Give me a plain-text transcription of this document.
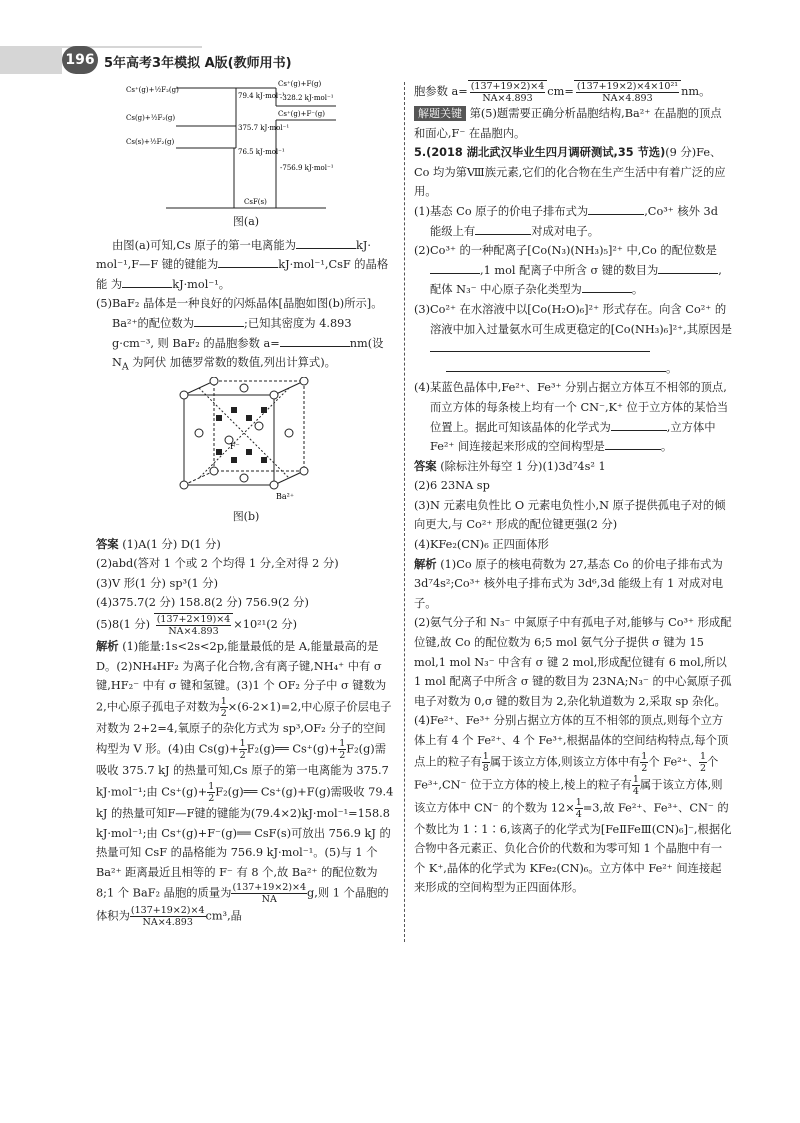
196 5年高考3年模拟 A版(教师用书)
Cs⁺(g)+½F₂(g)
Cs(g)+½F₂(g)
Cs(s)+½F₂(g)
Cs⁺(g)+F(g)
Cs⁺(g)+F⁻(g)
CsF(s)
79.4 kJ·mol⁻¹
375.7 kJ·mol⁻¹
76.5 kJ·mol⁻¹
-328.2 kJ·mol⁻¹
-756.9 kJ·mol⁻¹

图(a)

由图(a)可知,Cs 原子的第一电离能为	kJ· mol⁻¹,F—F 键的键能为	kJ·mol⁻¹,CsF 的晶格能 为	kJ·mol⁻¹。

(5)BaF₂ 晶体是一种良好的闪烁晶体[晶胞如图(b)所示]。 Ba²⁺的配位数为	;已知其密度为 4.893 g·cm⁻³, 则 BaF₂ 的晶胞参数 a=	nm(设 $N_A$ 为阿伏 加德罗常数的数值,列出计算式)。

F⁻
Ba²⁺

图(b)

答案 (1)A(1 分) D(1 分)

(2)abd(答对 1 个或 2 个均得 1 分,全对得 2 分)

(3)V 形(1 分) sp³(1 分)

(4)375.7(2 分) 158.8(2 分) 756.9(2 分)

(5)8(1 分) $\frac{(137+2\times 19)\times 4}{NA\times 4.893} \times 10^{21}(2$ 分)

解析 (1)能量:1s<2s<2p,能量最低的是 A,能量最高的是 D。(2)NH₄HF₂ 为离子化合物,含有离子键,NH₄⁺ 中有 σ 键,HF₂⁻ 中有 σ 键和氢键。(3)1 个 OF₂ 分子中 σ 键数为 2,中心原子孤电子对数为 $\frac{1}{2} \times(6-2\times 1)=2$,中心原子价层电子对数为 2+2=4,氧原子的杂化方式为 sp³,OF₂ 分子的空间构型为 V 形。(4)由 $Cs(g)+ \frac{1}{2}$ F₂(g)══ $Cs^+(g)+ \frac{1}{2} F_2(g)$需吸收 375.7 kJ 的热量可知,Cs 原子的第一电离能为 375.7 kJ·mol⁻¹;由 $Cs^+(g)+ \frac{1}{2}$ F₂(g)══ Cs⁺(g)+F(g)需吸收 79.4 kJ 的热量可知F—F键的键能为(79.4×2)kJ·mol⁻¹=158.8 kJ·mol⁻¹;由 Cs⁺(g)+F⁻(g)══ CsF(s)可放出 756.9 kJ 的热量可知 CsF 的晶格能为 756.9 kJ·mol⁻¹。(5)与 1 个 Ba²⁺ 距离最近且相等的 F⁻ 有 8 个,故 Ba²⁺ 的配位数为 8;1 个 BaF₂ 晶胞的质量为 $\frac{(137+19\times 2)\times 4}{NA} g$,则 1 个晶胞的体积为 $\frac{(137+19\times 2)\times 4}{NA\times 4.893} cm^3$,晶

胞参数 $a= \frac{(137+19\times 2)\times 4}{NA\times 4.893} cm= \frac{\text{(137+19×2)×4×10²¹}}{NA\times 4.893}$ nm。

解题关键 第(5)题需要正确分析晶胞结构,Ba²⁺ 在晶胞的顶点和面心,F⁻ 在晶胞内。

5.(2018 湖北武汉毕业生四月调研测试,35 节选)(9 分)Fe、Co 均为第Ⅷ族元素,它们的化合物在生产生活中有着广泛的应用。

(1)基态 Co 原子的价电子排布式为	,Co³⁺ 核外 3d 能级上有	对成对电子。

(2)Co³⁺ 的一种配离子[Co(N₃)(NH₃)₅]²⁺ 中,Co 的配位数是,1 mol 配离子中所含 σ 键的数目为	,配体 N₃⁻ 中心原子杂化类型为	。

(3)Co²⁺ 在水溶液中以[Co(H₂O)₆]²⁺ 形式存在。向含 Co²⁺ 的溶液中加入过量氨水可生成更稳定的[Co(NH₃)₆]²⁺,其原因是
。

(4)某蓝色晶体中,Fe²⁺、Fe³⁺ 分别占据立方体互不相邻的顶点,而立方体的每条棱上均有一个 CN⁻,K⁺ 位于立方体的某恰当位置上。据此可知该晶体的化学式为	,立方体中 Fe²⁺ 间连接起来形成的空间构型是	。

答案 (除标注外每空 1 分)(1)3d⁷4s² 1

(2)6 23NA sp

(3)N 元素电负性比 O 元素电负性小,N 原子提供孤电子对的倾向更大,与 Co²⁺ 形成的配位键更强(2 分)

(4)KFe₂(CN)₆ 正四面体形

解析 (1)Co 原子的核电荷数为 27,基态 Co 的价电子排布式为 3d⁷4s²;Co³⁺ 核外电子排布式为 3d⁶,3d 能级上有 1 对成对电子。

(2)氨气分子和 N₃⁻ 中氮原子中有孤电子对,能够与 Co³⁺ 形成配位键,故 Co 的配位数为 6;5 mol 氨气分子提供 σ 键为 15 mol,1 mol N₃⁻ 中含有 σ 键 2 mol,形成配位键有 6 mol,所以 1 mol 配离子中所含 σ 键的数目为 23NA;N₃⁻ 的中心氮原子孤电子对数为 0,σ 键的数目为 2,杂化轨道数为 2,采取 sp 杂化。

(4)Fe²⁺、Fe³⁺ 分别占据立方体的互不相邻的顶点,则每个立方体上有 4 个 Fe²⁺、4 个 Fe³⁺,根据晶体的空间结构特点,每个顶点上的粒子有 $\frac{1}{8}$ 属于该立方体,则该立方体中有 $\frac{1}{2}$ 个 Fe²⁺、 $\frac{1}{2}$ 个 Fe³⁺,CN⁻ 位于立方体的棱上,棱上的粒子有 $\frac{1}{4}$ 属于该立方体,则该立方体中 CN⁻ 的个数为 $12\times \frac{1}{4} =3$,故 Fe²⁺、Fe³⁺、CN⁻ 的个数比为 1∶1∶6,该离子的化学式为[FeⅡFeⅢ(CN)₆]⁻,根据化合物中各元素正、负化合价的代数和为零可知 1 个晶胞中有一个 K⁺,晶体的化学式为 KFe₂(CN)₆。立方体中 Fe²⁺ 间连接起来形成的空间构型为正四面体形。
